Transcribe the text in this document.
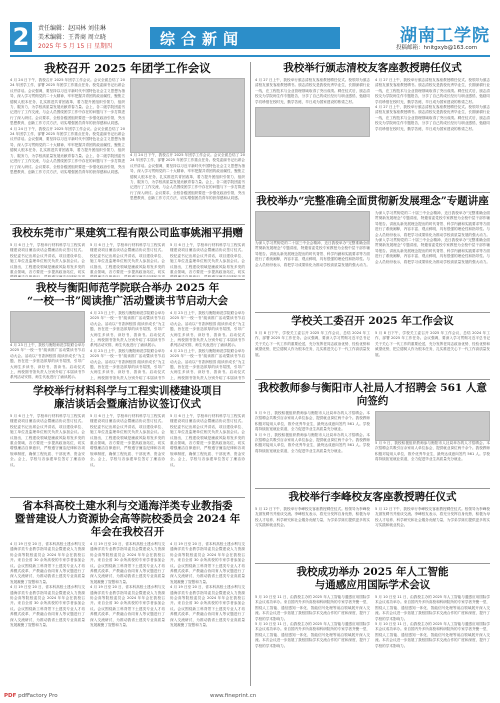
2	责任编辑：赵国林 刘佳琳
美术编辑：王普商 周立晓
2025 年 5 月 15 日 星期四	综合新闻	湖南工学院
投稿邮箱：hnitgxyb@163.com
我校召开 2025 年团学工作会议

4 月 24 日下午，我校召开 2025 年团学工作会议。会议全面总结了 2024 年团学工作，部署 2025 年团学工作重点任务。校党委副书记出席会议并讲话。会议强调，要坚持以习近平新时代中国特色社会主义思想为指导，深入学习贯彻党的二十大精神，牢牢把握共青团的政治属性，聚焦立德树人根本任务，扎实推进共青团改革，着力提升团组织引领力、组织力、服务力，为学校高质量发展贡献青春力量。会上，各二级学院团委书记进行了工作交流，与会人员围绕团学工作中存在的问题与下一步打算进行了深入研讨。会议要求，全校各级团组织要进一步强化政治引领，突出思想教育，创新工作方式方法，切实增强团员青年的获得感和认同感。

4 月 24 日下午，我校召开 2025 年团学工作会议。会议全面总结了 2024 年团学工作，部署 2025 年团学工作重点任务。校党委副书记出席会议并讲话。会议强调，要坚持以习近平新时代中国特色社会主义思想为指导，深入学习贯彻党的二十大精神，牢牢把握共青团的政治属性，聚焦立德树人根本任务，扎实推进共青团改革，着力提升团组织引领力、组织力、服务力，为学校高质量发展贡献青春力量。会上，各二级学院团委书记进行了工作交流，与会人员围绕团学工作中存在的问题与下一步打算进行了深入研讨。会议要求，全校各级团组织要进一步强化政治引领，突出思想教育，创新工作方式方法，切实增强团员青年的获得感和认同感。

4 月 24 日下午，我校召开 2025 年团学工作会议。会议全面总结了 2024 年团学工作，部署 2025 年团学工作重点任务。校党委副书记出席会议并讲话。会议强调，要坚持以习近平新时代中国特色社会主义思想为指导，深入学习贯彻党的二十大精神，牢牢把握共青团的政治属性，聚焦立德树人根本任务，扎实推进共青团改革，着力提升团组织引领力、组织力、服务力，为学校高质量发展贡献青春力量。会上，各二级学院团委书记进行了工作交流，与会人员围绕团学工作中存在的问题与下一步打算进行了深入研讨。会议要求，全校各级团组织要进一步强化政治引领，突出思想教育，创新工作方式方法，切实增强团员青年的获得感和认同感。

我校东莞市广果建筑工程有限公司监事姚湘平捐赠

5 月 6 日上午，学校举行材料科学与工程实训楼建设项目廉洁谈话会暨廉洁协议签订仪式。校纪委书记出席会议并讲话，项目建设单位、施工单位及监理单位相关负责人参加会议。会议指出，工程建设领域是廉政风险易发多发的重点领域，各方要进一步提高政治站位，切实

5 月 6 日上午，学校举行材料科学与工程实训楼建设项目廉洁谈话会暨廉洁协议签订仪式。校纪委书记出席会议并讲话，项目建设单位、施工单位及监理单位相关负责人参加会议。会议指出，工程建设领域是廉政风险易发多发的重点领域，各方要进一步提高政治站位，切实

5 月 6 日上午，学校举行材料科学与工程实训楼建设项目廉洁谈话会暨廉洁协议签订仪式。校纪委书记出席会议并讲话，项目建设单位、施工单位及监理单位相关负责人参加会议。会议指出，工程建设领域是廉政风险易发多发的重点领域，各方要进一步提高政治站位，切实

我校与衡阳师范学院联合举办 2025 年
“一校一书”阅读推广活动暨读书节启动大会

4 月 23 日上午，我校与衡阳师范学院联合举办 2025 年“一校一书”阅读推广活动暨读书节启动大会。活动以“书香润校园 阅读伴成长”为主题，旨在进一步营造浓厚的读书氛围，引导广大师生多读书、读好书、善读书。启动仪式上，两校图书馆负责人分别介绍了本届读书节系列活动安排，师生代表进行了诵读展示。

4 月 23 日上午，我校与衡阳师范学院联合举办 2025 年“一校一书”阅读推广活动暨读书节启动大会。活动以“书香润校园 阅读伴成长”为主题，旨在进一步营造浓厚的读书氛围，引导广大师生多读书、读好书、善读书。启动仪式上，两校图书馆负责人分别介绍了本届读书节系列活动安排，师生代表进行了诵读展示。

4 月 23 日上午，我校与衡阳师范学院联合举办 2025 年“一校一书”阅读推广活动暨读书节启动大会。活动以“书香润校园 阅读伴成长”为主题，旨在进一步营造浓厚的读书氛围，引导广大师生多读书、读好书、善读书。启动仪式上，两校图书馆负责人分别介绍了本届读书节

4 月 23 日上午，我校与衡阳师范学院联合举办 2025 年“一校一书”阅读推广活动暨读书节启动大会。活动以“书香润校园 阅读伴成长”为主题，旨在进一步营造浓厚的读书氛围，引导广大师生多读书、读好书、善读书。启动仪式上，两校图书馆负责人分别介绍了本届读书节系列活动安排，师生代表进行了诵读展示。

4 月 23 日上午，我校与衡阳师范学院联合举办 2025 年“一校一书”阅读推广活动暨读书节启动大会。活动以“书香润校园 阅读伴成长”为主题，旨在进一步营造浓厚的读书氛围，引导广大师生多读书、读好书、善读书。启动仪式上，两校图书馆负责人分别介绍了本届读书节

学校举行材料科学与工程实训楼建设项目
廉洁谈话会暨廉洁协议签订仪式

5 月 6 日上午，学校举行材料科学与工程实训楼建设项目廉洁谈话会暨廉洁协议签订仪式。校纪委书记出席会议并讲话，项目建设单位、施工单位及监理单位相关负责人参加会议。会议指出，工程建设领域是廉政风险易发多发的重点领域，各方要进一步提高政治站位，切实增强廉洁自律意识，严格遵守廉洁纪律和各项规章制度，确保工程优质、干部优秀、资金安全。会上，学校与各参建单位签订了廉洁协议。

5 月 6 日上午，学校举行材料科学与工程实训楼建设项目廉洁谈话会暨廉洁协议签订仪式。校纪委书记出席会议并讲话，项目建设单位、施工单位及监理单位相关负责人参加会议。会议指出，工程建设领域是廉政风险易发多发的重点领域，各方要进一步提高政治站位，切实增强廉洁自律意识，严格遵守廉洁纪律和各项规章制度，确保工程优质、干部优秀、资金安全。会上，学校与各参建单位签订了廉洁协议。

5 月 6 日上午，学校举行材料科学与工程实训楼建设项目廉洁谈话会暨廉洁协议签订仪式。校纪委书记出席会议并讲话，项目建设单位、施工单位及监理单位相关负责人参加会议。会议指出，工程建设领域是廉政风险易发多发的重点领域，各方要进一步提高政治站位，切实增强廉洁自律意识，严格遵守廉洁纪律和各项规章制度，确保工程优质、干部优秀、资金安全。会上，学校与各参建单位签订了廉洁协议。

省本科高校土建水利与交通海洋类专业教指委
暨普建设人力资源协会高等院校委员会 2024 年年会在我校召开

4 月 19 日至 20 日，省本科高校土建水利与交通海洋类专业教学指导委员会暨建设人力资源协会高等院校委员会 2024 年年会在我校召开。来自全省 30 余所高校的专家学者参加会议。会议围绕新工科背景下土建类专业人才培养模式改革、产教融合协同育人等议题进行了深入交流研讨，为推动我省土建类专业高质量发展凝聚了智慧和力量。

4 月 19 日至 20 日，省本科高校土建水利与交通海洋类专业教学指导委员会暨建设人力资源协会高等院校委员会 2024 年年会在我校召开。来自全省 30 余所高校的专家学者参加会议。会议围绕新工科背景下土建类专业人才培养模式改革、产教融合协同育人等议题进行了深入交流研讨，为推动我省土建类专业高质量发展凝聚了智慧和力量。

4 月 19 日至 20 日，省本科高校土建水利与交通海洋类专业教学指导委员会暨建设人力资源协会高等院校委员会 2024 年年会在我校召开。来自全省 30 余所高校的专家学者参加会议。会议围绕新工科背景下土建类专业人才培养模式改革、产教融合协同育人等议题进行了深入交流研讨，为推动我省土建类专业高质量发展凝聚了智慧和力量。

4 月 19 日至 20 日，省本科高校土建水利与交通海洋类专业教学指导委员会暨建设人力资源协会高等院校委员会 2024 年年会在我校召开。来自全省 30 余所高校的专家学者参加会议。会议围绕新工科背景下土建类专业人才培养模式改革、产教融合协同育人等议题进行了深入交流研讨，为推动我省土建类专业高质量发展凝聚了智慧和力量。

4 月 19 日至 20 日，省本科高校土建水利与交通海洋类专业教学指导委员会暨建设人力资源协会高等院校委员会 2024 年年会在我校召开。来自全省 30 余所高校的专家学者参加会议。会议围绕新工科背景下土建类专业人才培养模式改革、产教融合协同育人等议题进行了深入交流研讨，为推动我省土建类专业高质量发展凝聚了智慧和力量。

4 月 19 日至 20 日，省本科高校土建水利与交通海洋类专业教学指导委员会暨建设人力资源协会高等院校委员会 2024 年年会在我校召开。来自全省 30 余所高校的专家学者参加会议。会议围绕新工科背景下土建类专业人才培养模式改革、产教融合协同育人等议题进行了深入交流研讨，为推动我省土建类专业高质量发展凝聚了智慧和力量。

我校举行颁志清校友客座教授聘任仪式

4 月 27 日上午，我校举行颁志清校友客座教授聘任仪式。校领导为颁志清校友颁发客座教授聘书。颁志清校友是我校优秀毕业生，长期深耕行业一线，在工程技术与企业管理领域取得了突出成绩。聘任仪式后，颁志清校友为学院师生作专题报告，分享了自己的成长经历与职业感悟，勉励同学们珍惜在校时光，勤学苦练，早日成为国家建设的栋梁之材。

4 月 27 日上午，我校举行颁志清校友客座教授聘任仪式。校领导为颁志清校友颁发客座教授聘书。颁志清校友是我校优秀毕业生，长期深耕行业一线，在工程技术与企业管理领域取得了突出成绩。聘任仪式后，颁志清校友为学院师生作专题报告，分享了自己的成长经历与职业感悟，勉励同学们珍惜在校时光，勤学苦练，早日成为国家建设的栋梁之材。

4 月 27 日上午，我校举行颁志清校友客座教授聘任仪式。校领导为颁志清校友颁发客座教授聘书。颁志清校友是我校优秀毕业生，长期深耕行业一线，在工程技术与企业管理领域取得了突出成绩。聘任仪式后，颁志清校友为学院师生作专题报告，分享了自己的成长经历与职业感悟，勉励同学们珍惜在校时光，勤学苦练，早日成为国家建设的栋梁之材。

我校举办“完整准确全面贯彻新发展理念”专题讲座

为深入学习贯彻党的二十届三中全会精神，近日我校举办“完整准确全面贯彻新发展理念”专题讲座，特邀省委党校专家教授为全校中层干部作辅导报告。讲座从新发展理念提出的时代背景、科学内涵和实践要求等方面进行了系统阐释，内容丰富、观点鲜明，具有很强的理论性和指导性。与会人员纷纷表示，将把学习成果转化为推动学校高质量发展的强大动力。

为深入学习贯彻党的二十届三中全会精神，近日我校举办“完整准确全面贯彻新发展理念”专题讲座，特邀省委党校专家教授为全校中层干部作辅导报告。讲座从新发展理念提出的时代背景、科学内涵和实践要求等方面进行了系统阐释，内容丰富、观点鲜明，具有很强的理论性和指导性。与会人员纷纷表示，将把学习成果转化为推动学校高质量发展的强大动力。

为深入学习贯彻党的二十届三中全会精神，近日我校举办“完整准确全面贯彻新发展理念”专题讲座，特邀省委党校专家教授为全校中层干部作辅导报告。讲座从新发展理念提出的时代背景、科学内涵和实践要求等方面进行了系统阐释，内容丰富、观点鲜明，具有很强的理论性和指导性。与会人员纷纷表示，将把学习成果转化为推动学校高质量发展的强大动力。

学校关工委召开 2025 年工作会议

5 月 8 日下午，学校关工委召开 2025 年工作会议，总结 2024 年工作，部署 2025 年工作任务。会议强调，要深入学习贯彻习近平总书记关于关心下一代工作的重要论述，充分发挥老同志政治优势、经验优势和威望优势，把立德树人作为根本任务，扎实推进关心下一代工作高质量发展。

5 月 8 日下午，学校关工委召开 2025 年工作会议，总结 2024 年工作，部署 2025 年工作任务。会议强调，要深入学习贯彻习近平总书记关于关心下一代工作的重要论述，充分发挥老同志政治优势、经验优势和威望优势，把立德树人作为根本任务，扎实推进关心下一代工作高质量发展。

我校教师参与衡阳市人社局人才招聘会 561 人意向签约

5 月 9 日，我校积极组织教师参与衡阳市人社局举办的人才招聘会。本次招聘会共吸引百余家用人单位参会，提供就业岗位两千余个。我校教师积极对接用人单位，推介优秀毕业生，最终达成意向签约 561 人。学校将持续拓宽就业渠道，全力促进毕业生高质量充分就业。

5 月 9 日，我校积极组织教师参与衡阳市人社局举办的人才招聘会。本次招聘会共吸引百余家用人单位参会，提供就业岗位两千余个。我校教师积极对接用人单位，推介优秀毕业生，最终达成意向签约 561 人。学校将持续拓宽就业渠道，全力促进毕业生高质量充分就业。

5 月 9 日，我校积极组织教师参与衡阳市人社局举办的人才招聘会。本次招聘会共吸引百余家用人单位参会，提供就业岗位两千余个。我校教师积极对接用人单位，推介优秀毕业生，最终达成意向签约 561 人。学校将持续拓宽就业渠道，全力促进毕业生高质量充分就业。

我校举行李峰校友客座教授聘任仪式

5 月 12 日下午，我校举行李峰校友客座教授聘任仪式。校领导为李峰校友颁发聘书并座谈交流。李峰校友表示，将充分发挥自身优势，积极为母校人才培养、科学研究和社会服务贡献力量，为学弟学妹们提供更多的实习实践和就业机会。

5 月 12 日下午，我校举行李峰校友客座教授聘任仪式。校领导为李峰校友颁发聘书并座谈交流。李峰校友表示，将充分发挥自身优势，积极为母校人才培养、科学研究和社会服务贡献力量，为学弟学妹们提供更多的实习实践和就业机会。

我校成功举办 2025 年人工智能
与通感应用国际学术会议

5 月 10 日至 11 日，由我校主办的 2025 年人工智能与通感应用国际学术会议成功举办。来自国内外多所高校和科研院所的专家学者齐聚一堂，围绕人工智能、通信感知一体化、智能信号处理等前沿领域展开深入交流。本次会议进一步拓展了我校国际学术交流合作的广度和深度，提升了学校的学术影响力。

5 月 10 日至 11 日，由我校主办的 2025 年人工智能与通感应用国际学术会议成功举办。来自国内外多所高校和科研院所的专家学者齐聚一堂，围绕人工智能、通信感知一体化、智能信号处理等前沿领域展开深入交流。本次会议进一步拓展了我校国际学术交流合作的广度和深度，提升了学校的学术影响力。

5 月 10 日至 11 日，由我校主办的 2025 年人工智能与通感应用国际学术会议成功举办。来自国内外多所高校和科研院所的专家学者齐聚一堂，围绕人工智能、通信感知一体化、智能信号处理等前沿领域展开深入交流。本次会议进一步拓展了我校国际学术交流合作的广度和深度，提升了学校的学术影响力。

5 月 10 日至 11 日，由我校主办的 2025 年人工智能与通感应用国际学术会议成功举办。来自国内外多所高校和科研院所的专家学者齐聚一堂，围绕人工智能、通信感知一体化、智能信号处理等前沿领域展开深入交流。本次会议进一步拓展了我校国际学术交流合作的广度和深度，提升了学校的学术影响力。

PDF pdfFactory Pro	www.fineprint.cn
